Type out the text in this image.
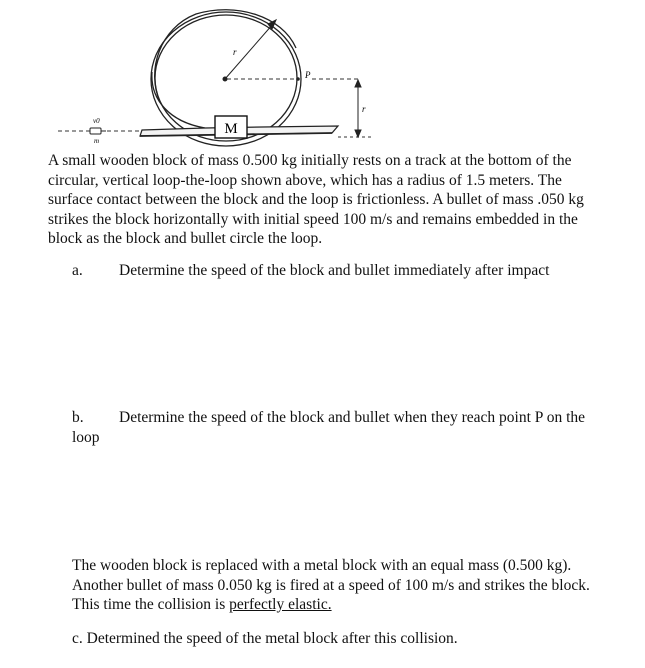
r
P
r
M
v0
m

A small wooden block of mass 0.500 kg initially rests on a track at the bottom of the circular, vertical loop-the-loop shown above, which has a radius of 1.5 meters. The surface contact between the block and the loop is frictionless. A bullet of mass .050 kg strikes the block horizontally with initial speed 100 m/s and remains embedded in the block as the block and bullet circle the loop.

a. Determine the speed of the block and bullet immediately after impact

b. Determine the speed of the block and bullet when they reach point P on the loop

The wooden block is replaced with a metal block with an equal mass (0.500 kg). Another bullet of mass 0.050 kg is fired at a speed of 100 m/s and strikes the block. This time the collision is perfectly elastic.

c. Determined the speed of the metal block after this collision.
